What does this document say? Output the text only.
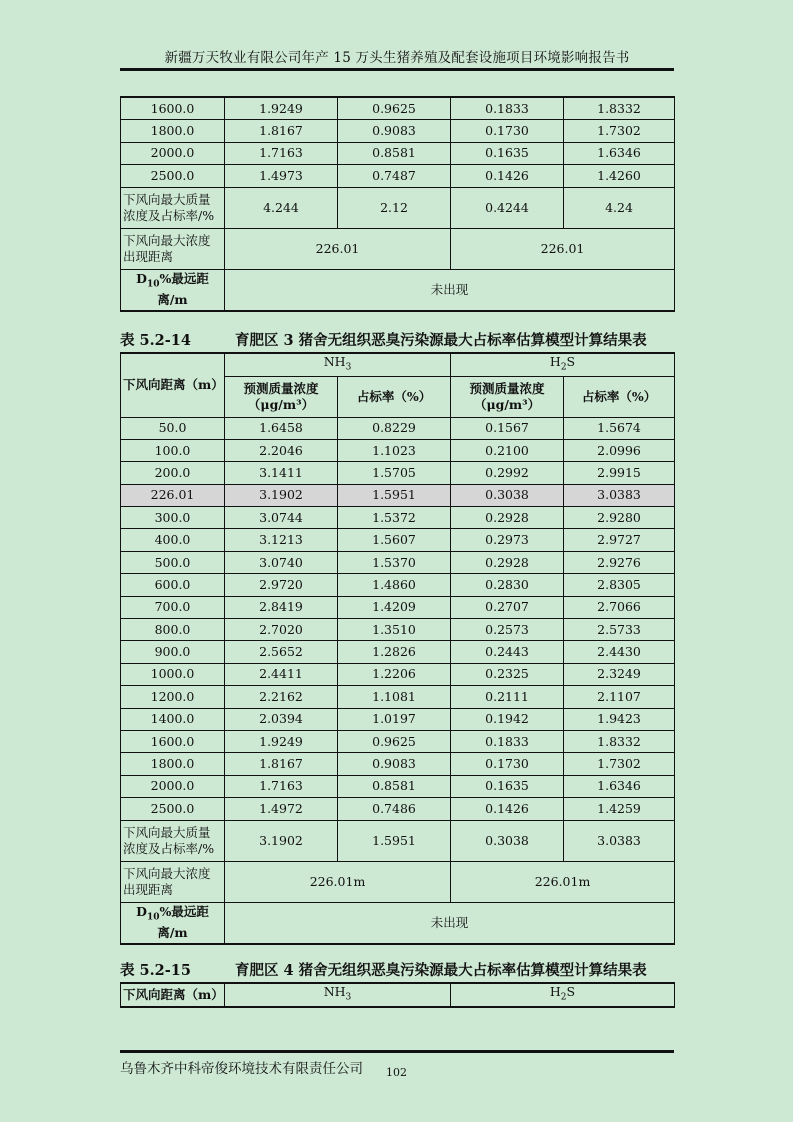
新疆万天牧业有限公司年产 15 万头生猪养殖及配套设施项目环境影响报告书
1600.0	1.9249	0.9625	0.1833	1.8332
1800.0	1.8167	0.9083	0.1730	1.7302
2000.0	1.7163	0.8581	0.1635	1.6346
2500.0	1.4973	0.7487	0.1426	1.4260
下风向最大质量浓度及占标率/%	4.244	2.12	0.4244	4.24
下风向最大浓度出现距离	226.01		226.01	
$D_{10}\%$最远距离/m	未出现			
表 5.2-14	育肥区 3 猪舍无组织恶臭污染源最大占标率估算模型计算结果表
下风向距离（m）	$NH_3$		$H_2S$	
	预测质量浓度（μg/m³）	占标率（%）	预测质量浓度（μg/m³）	占标率（%）
50.0	1.6458	0.8229	0.1567	1.5674
100.0	2.2046	1.1023	0.2100	2.0996
200.0	3.1411	1.5705	0.2992	2.9915
226.01	3.1902	1.5951	0.3038	3.0383
300.0	3.0744	1.5372	0.2928	2.9280
400.0	3.1213	1.5607	0.2973	2.9727
500.0	3.0740	1.5370	0.2928	2.9276
600.0	2.9720	1.4860	0.2830	2.8305
700.0	2.8419	1.4209	0.2707	2.7066
800.0	2.7020	1.3510	0.2573	2.5733
900.0	2.5652	1.2826	0.2443	2.4430
1000.0	2.4411	1.2206	0.2325	2.3249
1200.0	2.2162	1.1081	0.2111	2.1107
1400.0	2.0394	1.0197	0.1942	1.9423
1600.0	1.9249	0.9625	0.1833	1.8332
1800.0	1.8167	0.9083	0.1730	1.7302
2000.0	1.7163	0.8581	0.1635	1.6346
2500.0	1.4972	0.7486	0.1426	1.4259
下风向最大质量浓度及占标率/%	3.1902	1.5951	0.3038	3.0383
下风向最大浓度出现距离	226.01m		226.01m	
$D_{10}\%$最远距离/m	未出现			
表 5.2-15	育肥区 4 猪舍无组织恶臭污染源最大占标率估算模型计算结果表
下风向距离（m）	$NH_3$	$H_2S$
乌鲁木齐中科帝俊环境技术有限责任公司	102
